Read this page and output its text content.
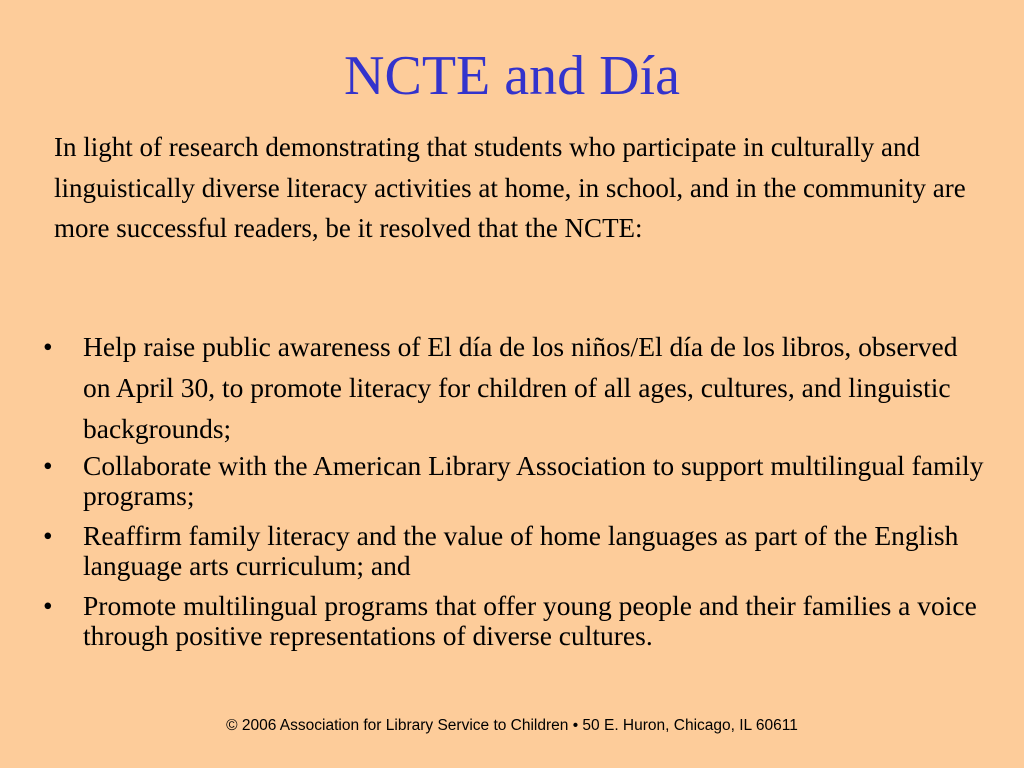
NCTE and Día

In light of research demonstrating that students who participate in culturally and linguistically diverse literacy activities at home, in school, and in the community are more successful readers, be it resolved that the NCTE:

• Help raise public awareness of El día de los niños/El día de los libros, observed on April 30, to promote literacy for children of all ages, cultures, and linguistic backgrounds;
• Collaborate with the American Library Association to support multilingual family programs;
• Reaffirm family literacy and the value of home languages as part of the English language arts curriculum; and
• Promote multilingual programs that offer young people and their families a voice through positive representations of diverse cultures.
© 2006 Association for Library Service to Children • 50 E. Huron, Chicago, IL 60611
